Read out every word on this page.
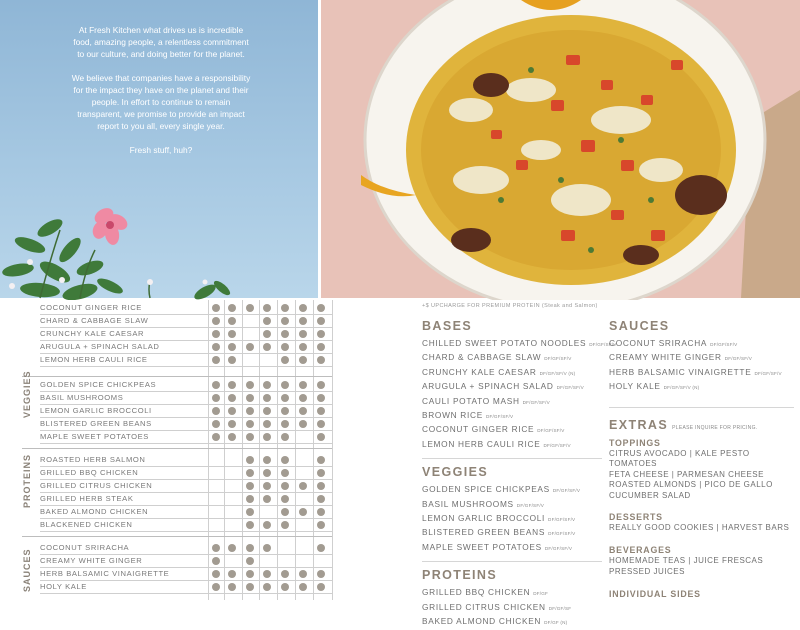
At Fresh Kitchen what drives us is incredible food, amazing people, a relentless commitment to our culture, and doing better for the planet.

We believe that companies have a responsibility for the impact they have on the planet and their people. In effort to continue to remain transparent, we promise to provide an impact report to you all, every single year.

Fresh stuff, huh?

COCONUT GINGER RICE
CHARD & CABBAGE SLAW
CRUNCHY KALE CAESAR
ARUGULA + SPINACH SALAD
LEMON HERB CAULI RICE
GOLDEN SPICE CHICKPEAS
BASIL MUSHROOMS
LEMON GARLIC BROCCOLI
BLISTERED GREEN BEANS
MAPLE SWEET POTATOES
ROASTED HERB SALMON
GRILLED BBQ CHICKEN
GRILLED CITRUS CHICKEN
GRILLED HERB STEAK
BAKED ALMOND CHICKEN
BLACKENED CHICKEN
COCONUT SRIRACHA
CREAMY WHITE GINGER
HERB BALSAMIC VINAIGRETTE
HOLY KALE
VEGGIES
PROTEINS
SAUCES
+$ UPCHARGE FOR PREMIUM PROTEIN (Steak and Salmon)
BASES
CHILLED SWEET POTATO NOODLES DF/GF/SF/V
CHARD & CABBAGE SLAW DF/GF/SF/V
CRUNCHY KALE CAESAR DF/GF/SF/V (N)
ARUGULA + SPINACH SALAD DF/GF/SF/V
CAULI POTATO MASH DF/GF/SF/V
BROWN RICE DF/GF/SF/V
COCONUT GINGER RICE DF/GF/SF/V
LEMON HERB CAULI RICE DF/GF/SF/V
VEGGIES
GOLDEN SPICE CHICKPEAS DF/GF/SF/V
BASIL MUSHROOMS DF/GF/SF/V
LEMON GARLIC BROCCOLI DF/GF/SF/V
BLISTERED GREEN BEANS DF/GF/SF/V
MAPLE SWEET POTATOES DF/GF/SF/V
PROTEINS
GRILLED BBQ CHICKEN DF/GF
GRILLED CITRUS CHICKEN DF/GF/SF
BAKED ALMOND CHICKEN DF/GF (N)
SAUCES
COCONUT SRIRACHA DF/GF/SF/V
CREAMY WHITE GINGER DF/GF/SF/V
HERB BALSAMIC VINAIGRETTE DF/GF/SF/V
HOLY KALE DF/GF/SF/V (N)
EXTRAS PLEASE INQUIRE FOR PRICING.
TOPPINGS
CITRUS AVOCADO | KALE PESTO TOMATOES
FETA CHEESE | PARMESAN CHEESE
ROASTED ALMONDS | PICO DE GALLO
CUCUMBER SALAD
DESSERTS
REALLY GOOD COOKIES | HARVEST BARS
BEVERAGES
HOMEMADE TEAS | JUICE FRESCAS
PRESSED JUICES
INDIVIDUAL SIDES
